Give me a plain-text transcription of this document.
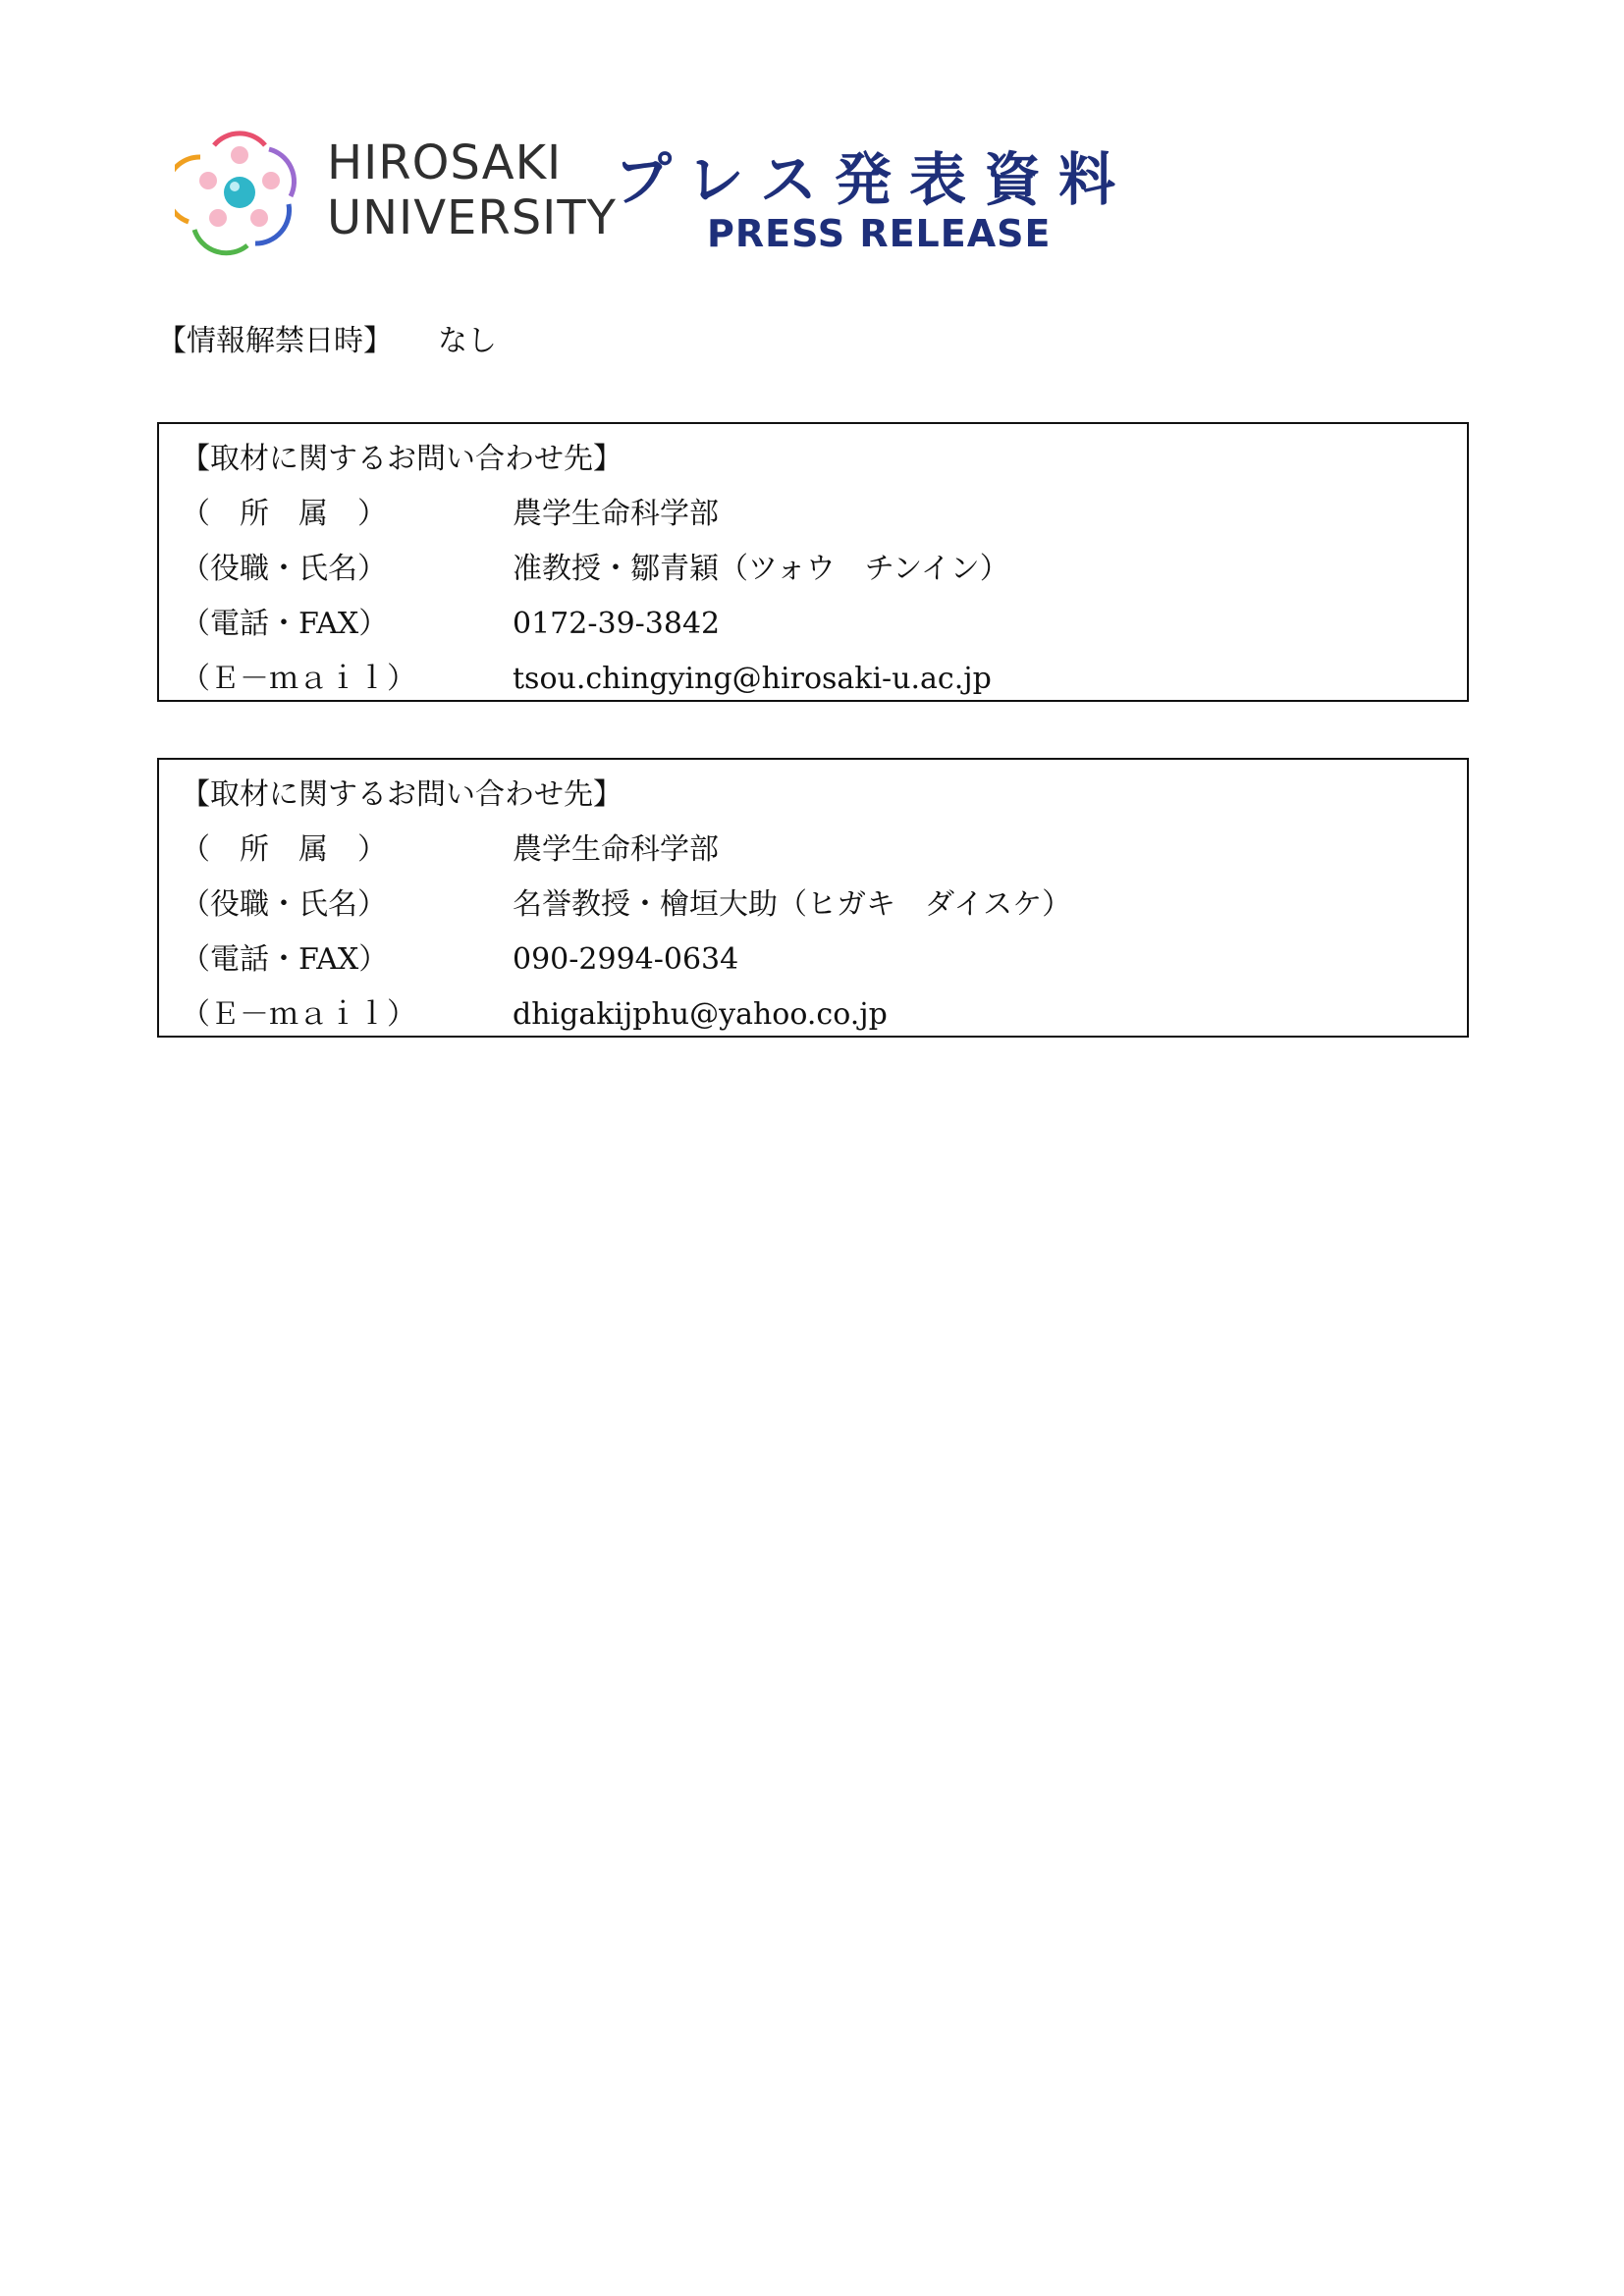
HIROSAKI
UNIVERSITY
プレス発表資料
PRESS RELEASE
【情報解禁日時】 なし
【取材に関するお問い合わせ先】
（　所　属　）	農学生命科学部
（役職・氏名）	准教授・鄒青穎（ツォウ　チンイン）
（電話・FAX）	0172-39-3842
（Ｅ－ｍａｉｌ）	tsou.chingying@hirosaki-u.ac.jp
【取材に関するお問い合わせ先】
（　所　属　）	農学生命科学部
（役職・氏名）	名誉教授・檜垣大助（ヒガキ　ダイスケ）
（電話・FAX）	090-2994-0634
（Ｅ－ｍａｉｌ）	dhigakijphu@yahoo.co.jp
